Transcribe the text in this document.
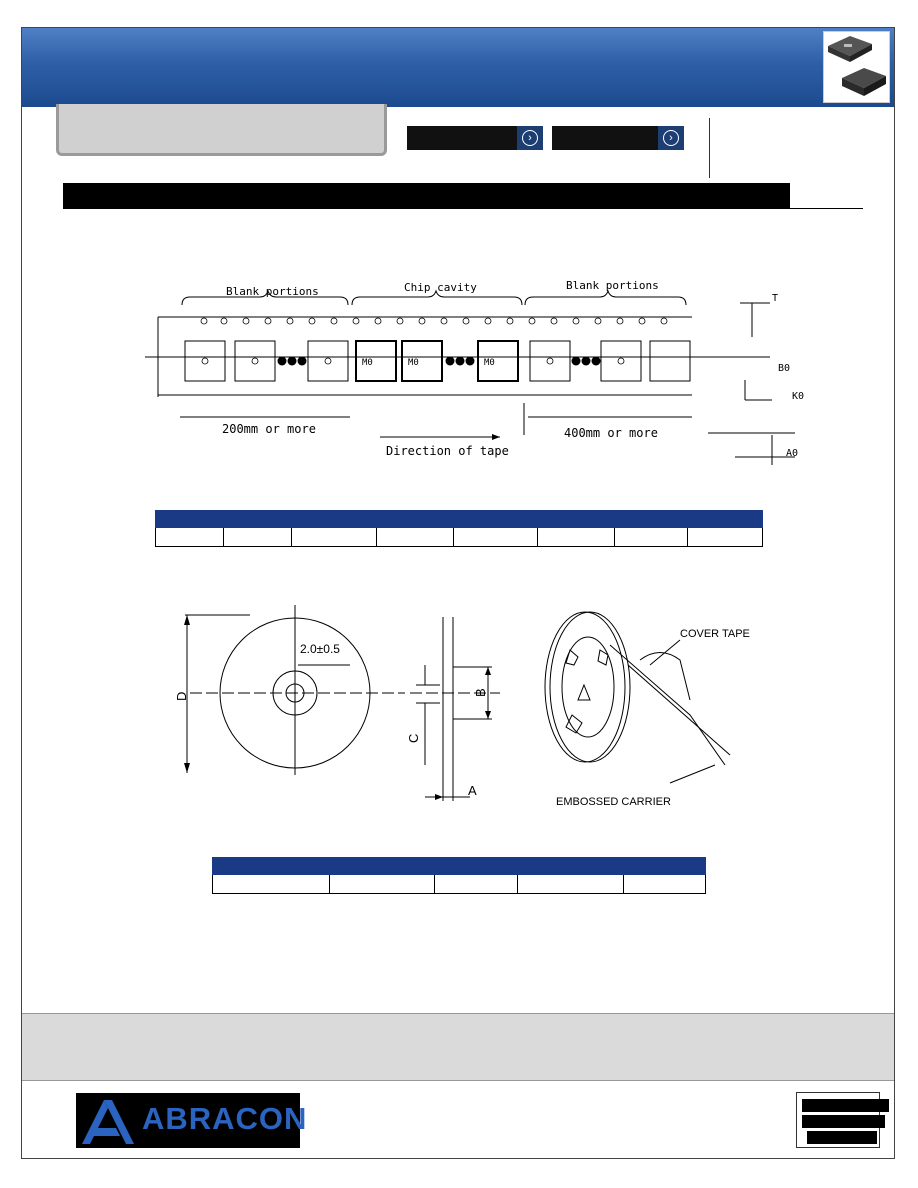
›	›
Blank portions	Chip cavity	Blank portions
M0	M0	M0
200mm or more
Direction of tape
400mm or more
T
B0
K0
A0

D
2.0±0.5
B
C
A
COVER TAPE
EMBOSSED CARRIER

ABRACON
